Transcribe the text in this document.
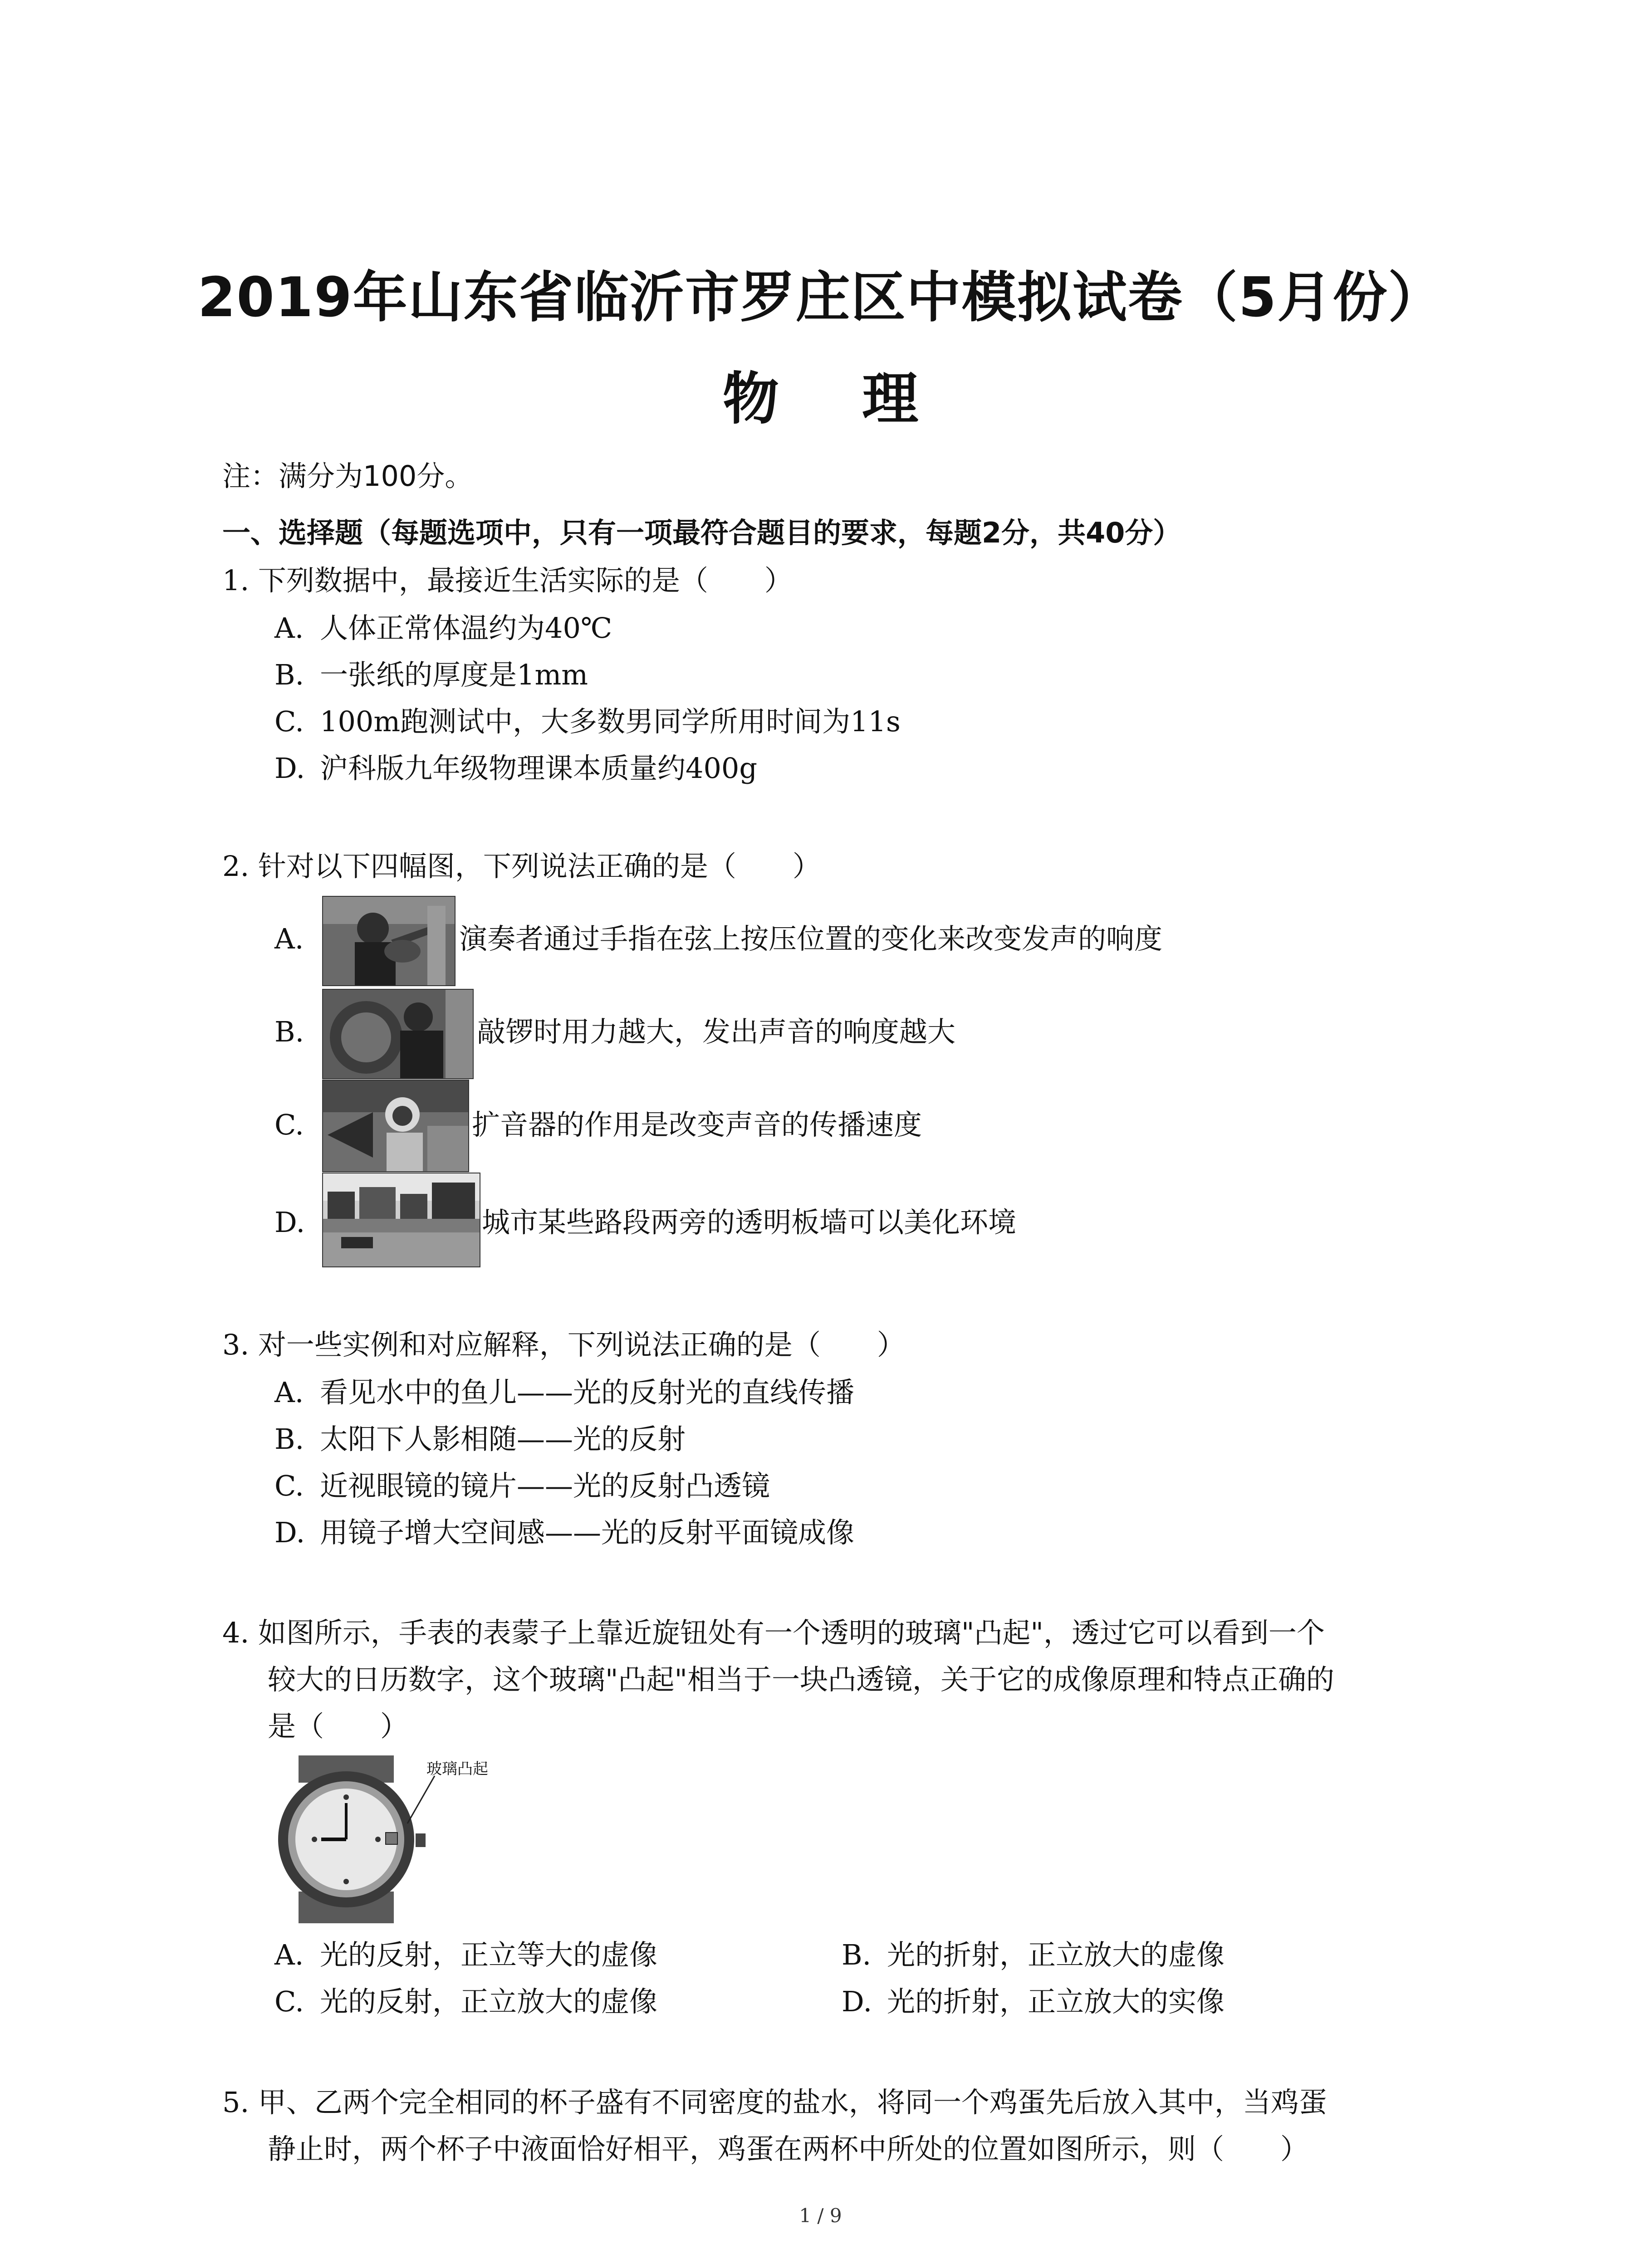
2019年山东省临沂市罗庄区中模拟试卷（5月份）
物 理
注：满分为100分。
一、选择题（每题选项中，只有一项最符合题目的要求，每题2分，共40分）
1. 下列数据中，最接近生活实际的是（　　）
A. 人体正常体温约为40℃
B. 一张纸的厚度是1mm
C. 100m跑测试中，大多数男同学所用时间为11s
D. 沪科版九年级物理课本质量约400g
2. 针对以下四幅图，下列说法正确的是（　　）
A.	演奏者通过手指在弦上按压位置的变化来改变发声的响度
B.	敲锣时用力越大，发出声音的响度越大
C.	扩音器的作用是改变声音的传播速度
D.	城市某些路段两旁的透明板墙可以美化环境
3. 对一些实例和对应解释，下列说法正确的是（　　）
A. 看见水中的鱼儿——光的反射光的直线传播
B. 太阳下人影相随——光的反射
C. 近视眼镜的镜片——光的反射凸透镜
D. 用镜子增大空间感——光的反射平面镜成像
4. 如图所示，手表的表蒙子上靠近旋钮处有一个透明的玻璃"凸起"，透过它可以看到一个
较大的日历数字，这个玻璃"凸起"相当于一块凸透镜，关于它的成像原理和特点正确的
是（　　）
玻璃凸起
A. 光的反射，正立等大的虚像	B. 光的折射，正立放大的虚像
C. 光的反射，正立放大的虚像	D. 光的折射，正立放大的实像
5. 甲、乙两个完全相同的杯子盛有不同密度的盐水，将同一个鸡蛋先后放入其中，当鸡蛋
静止时，两个杯子中液面恰好相平，鸡蛋在两杯中所处的位置如图所示，则（　　）
1 / 9
